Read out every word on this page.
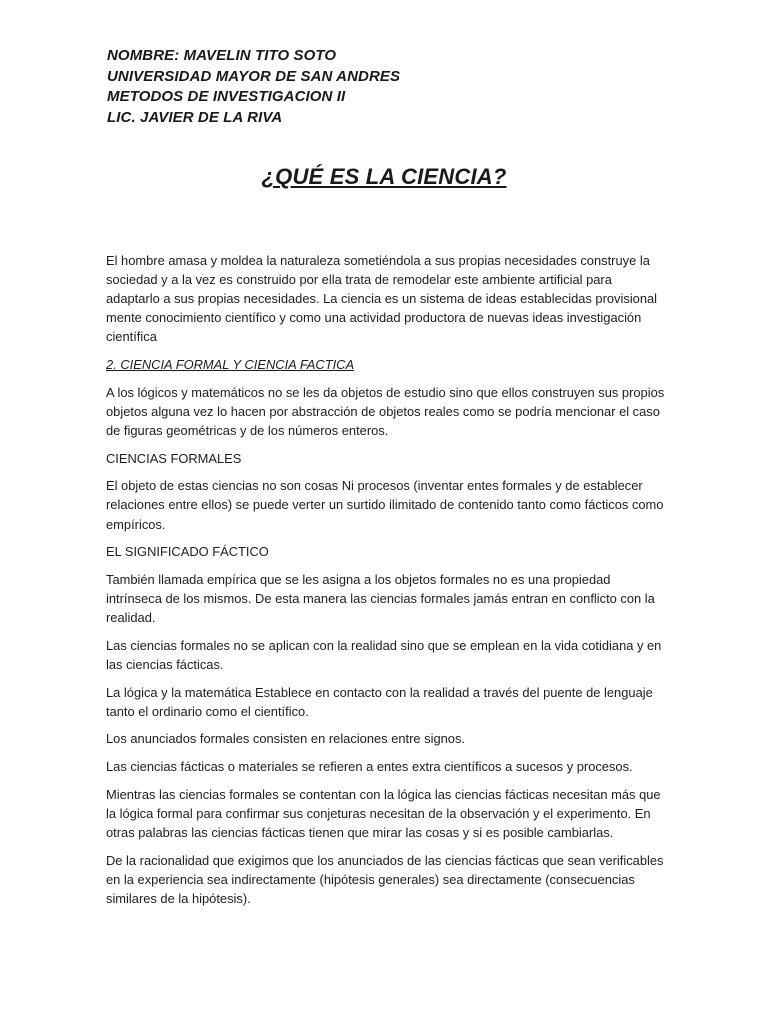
NOMBRE: MAVELIN TITO SOTO
UNIVERSIDAD MAYOR DE SAN ANDRES
METODOS DE INVESTIGACION II
LIC. JAVIER DE LA RIVA
¿QUÉ ES LA CIENCIA?

El hombre amasa y moldea la naturaleza sometiéndola a sus propias necesidades construye la sociedad y a la vez es construido por ella trata de remodelar este ambiente artificial para adaptarlo a sus propias necesidades. La ciencia es un sistema de ideas establecidas provisional mente conocimiento científico y como una actividad productora de nuevas ideas investigación científica

2. CIENCIA FORMAL Y CIENCIA FACTICA

A los lógicos y matemáticos no se les da objetos de estudio sino que ellos construyen sus propios objetos alguna vez lo hacen por abstracción de objetos reales como se podría mencionar el caso de figuras geométricas y de los números enteros.

CIENCIAS FORMALES

El objeto de estas ciencias no son cosas Ni procesos (inventar entes formales y de establecer relaciones entre ellos) se puede verter un surtido ilimitado de contenido tanto como fácticos como empíricos.

EL SIGNIFICADO FÁCTICO

También llamada empírica que se les asigna a los objetos formales no es una propiedad intrínseca de los mismos. De esta manera las ciencias formales jamás entran en conflicto con la realidad.

Las ciencias formales no se aplican con la realidad sino que se emplean en la vida cotidiana y en las ciencias fácticas.

La lógica y la matemática Establece en contacto con la realidad a través del puente de lenguaje tanto el ordinario como el científico.

Los anunciados formales consisten en relaciones entre signos.

Las ciencias fácticas o materiales se refieren a entes extra científicos a sucesos y procesos.

Mientras las ciencias formales se contentan con la lógica las ciencias fácticas necesitan más que la lógica formal para confirmar sus conjeturas necesitan de la observación y el experimento. En otras palabras las ciencias fácticas tienen que mirar las cosas y si es posible cambiarlas.

De la racionalidad que exigimos que los anunciados de las ciencias fácticas que sean verificables en la experiencia sea indirectamente (hipótesis generales) sea directamente (consecuencias similares de la hipótesis).
